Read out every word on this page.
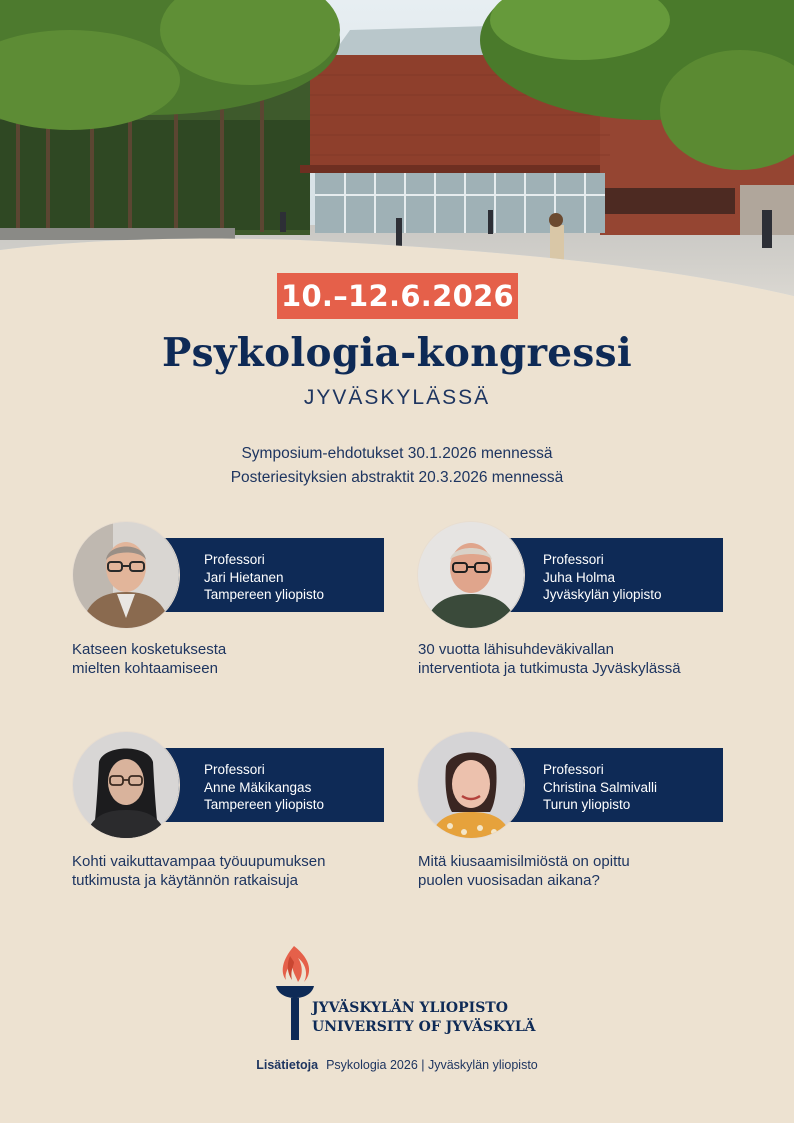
10.–12.6.2026
Psykologia-kongressi
JYVÄSKYLÄSSÄ
Symposium-ehdotukset 30.1.2026 mennessä
Posteriesityksien abstraktit 20.3.2026 mennessä
Professori
Jari Hietanen
Tampereen yliopisto
Katseen kosketuksesta
mielten kohtaamiseen
Professori
Juha Holma
Jyväskylän yliopisto
30 vuotta lähisuhdeväkivallan
interventiota ja tutkimusta Jyväskylässä
Professori
Anne Mäkikangas
Tampereen yliopisto
Kohti vaikuttavampaa työuupumuksen
tutkimusta ja käytännön ratkaisuja
Professori
Christina Salmivalli
Turun yliopisto
Mitä kiusaamisilmiöstä on opittu
puolen vuosisadan aikana?
JYVÄSKYLÄN YLIOPISTO
UNIVERSITY OF JYVÄSKYLÄ
Lisätietoja Psykologia 2026 | Jyväskylän yliopisto
